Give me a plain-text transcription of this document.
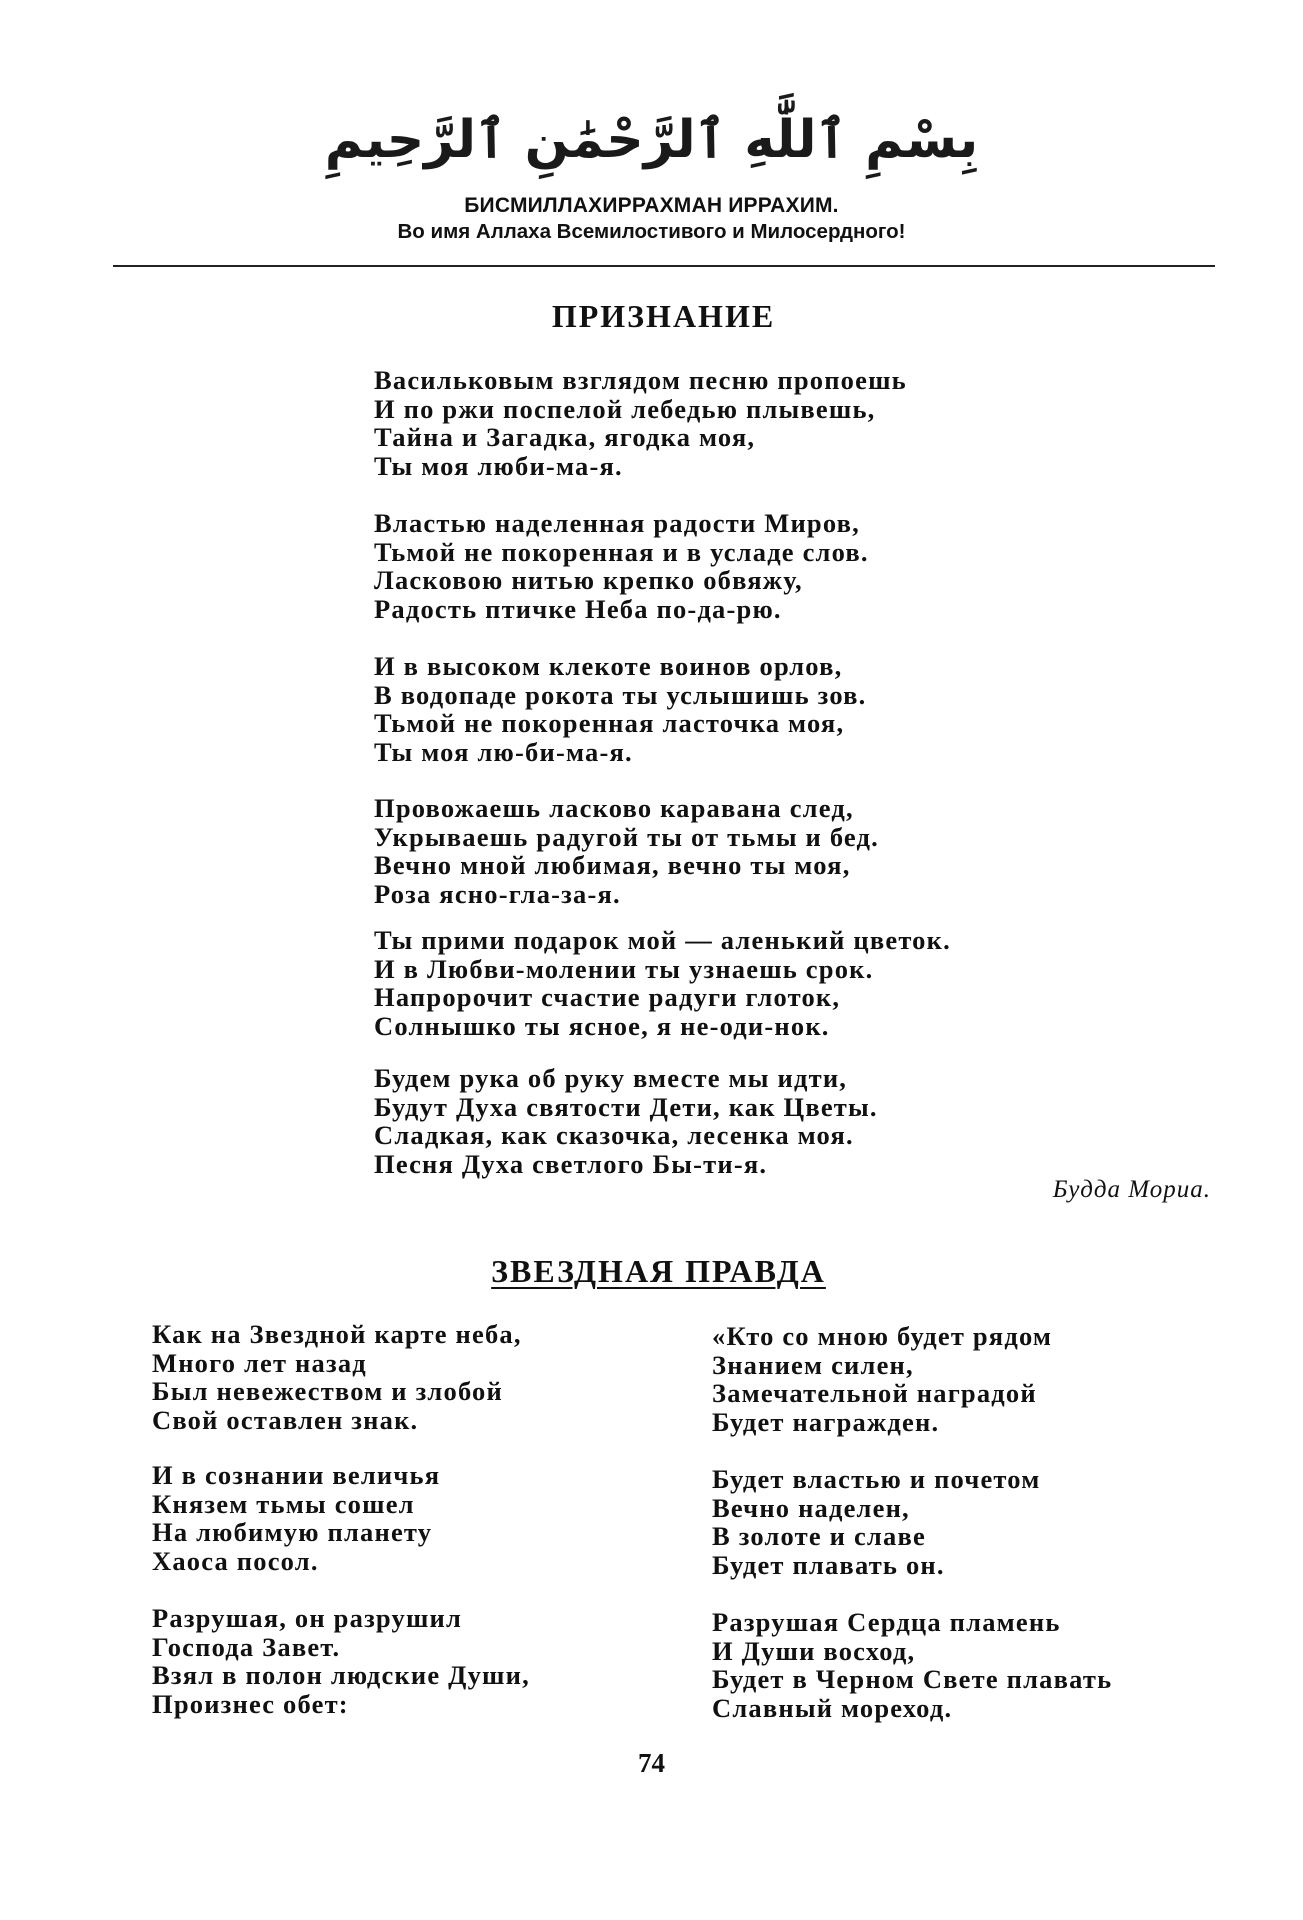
بِسْمِ ٱللَّٰهِ ٱلرَّحْمَٰنِ ٱلرَّحِيمِ
БИСМИЛЛАХИРРАХМАН ИРРАХИМ.
Во имя Аллаха Всемилостивого и Милосердного!
ПРИЗНАНИЕ
Васильковым взглядом песню пропоешь
И по ржи поспелой лебедью плывешь,
Тайна и Загадка, ягодка моя,
Ты моя люби-ма-я.
Властью наделенная радости Миров,
Тьмой не покоренная и в усладе слов.
Ласковою нитью крепко обвяжу,
Радость птичке Неба по-да-рю.
И в высоком клекоте воинов орлов,
В водопаде рокота ты услышишь зов.
Тьмой не покоренная ласточка моя,
Ты моя лю-би-ма-я.
Провожаешь ласково каравана след,
Укрываешь радугой ты от тьмы и бед.
Вечно мной любимая, вечно ты моя,
Роза ясно-гла-за-я.
Ты прими подарок мой — аленький цветок.
И в Любви-молении ты узнаешь срок.
Напророчит счастие радуги глоток,
Солнышко ты ясное, я не-оди-нок.
Будем рука об руку вместе мы идти,
Будут Духа святости Дети, как Цветы.
Сладкая, как сказочка, лесенка моя.
Песня Духа светлого Бы-ти-я.
Будда Мориа.
ЗВЕЗДНАЯ ПРАВДА
Как на Звездной карте неба,
Много лет назад
Был невежеством и злобой
Свой оставлен знак.
И в сознании величья
Князем тьмы сошел
На любимую планету
Хаоса посол.
Разрушая, он разрушил
Господа Завет.
Взял в полон людские Души,
Произнес обет:
«Кто со мною будет рядом
Знанием силен,
Замечательной наградой
Будет награжден.
Будет властью и почетом
Вечно наделен,
В золоте и славе
Будет плавать он.
Разрушая Сердца пламень
И Души восход,
Будет в Черном Свете плавать
Славный мореход.
74
